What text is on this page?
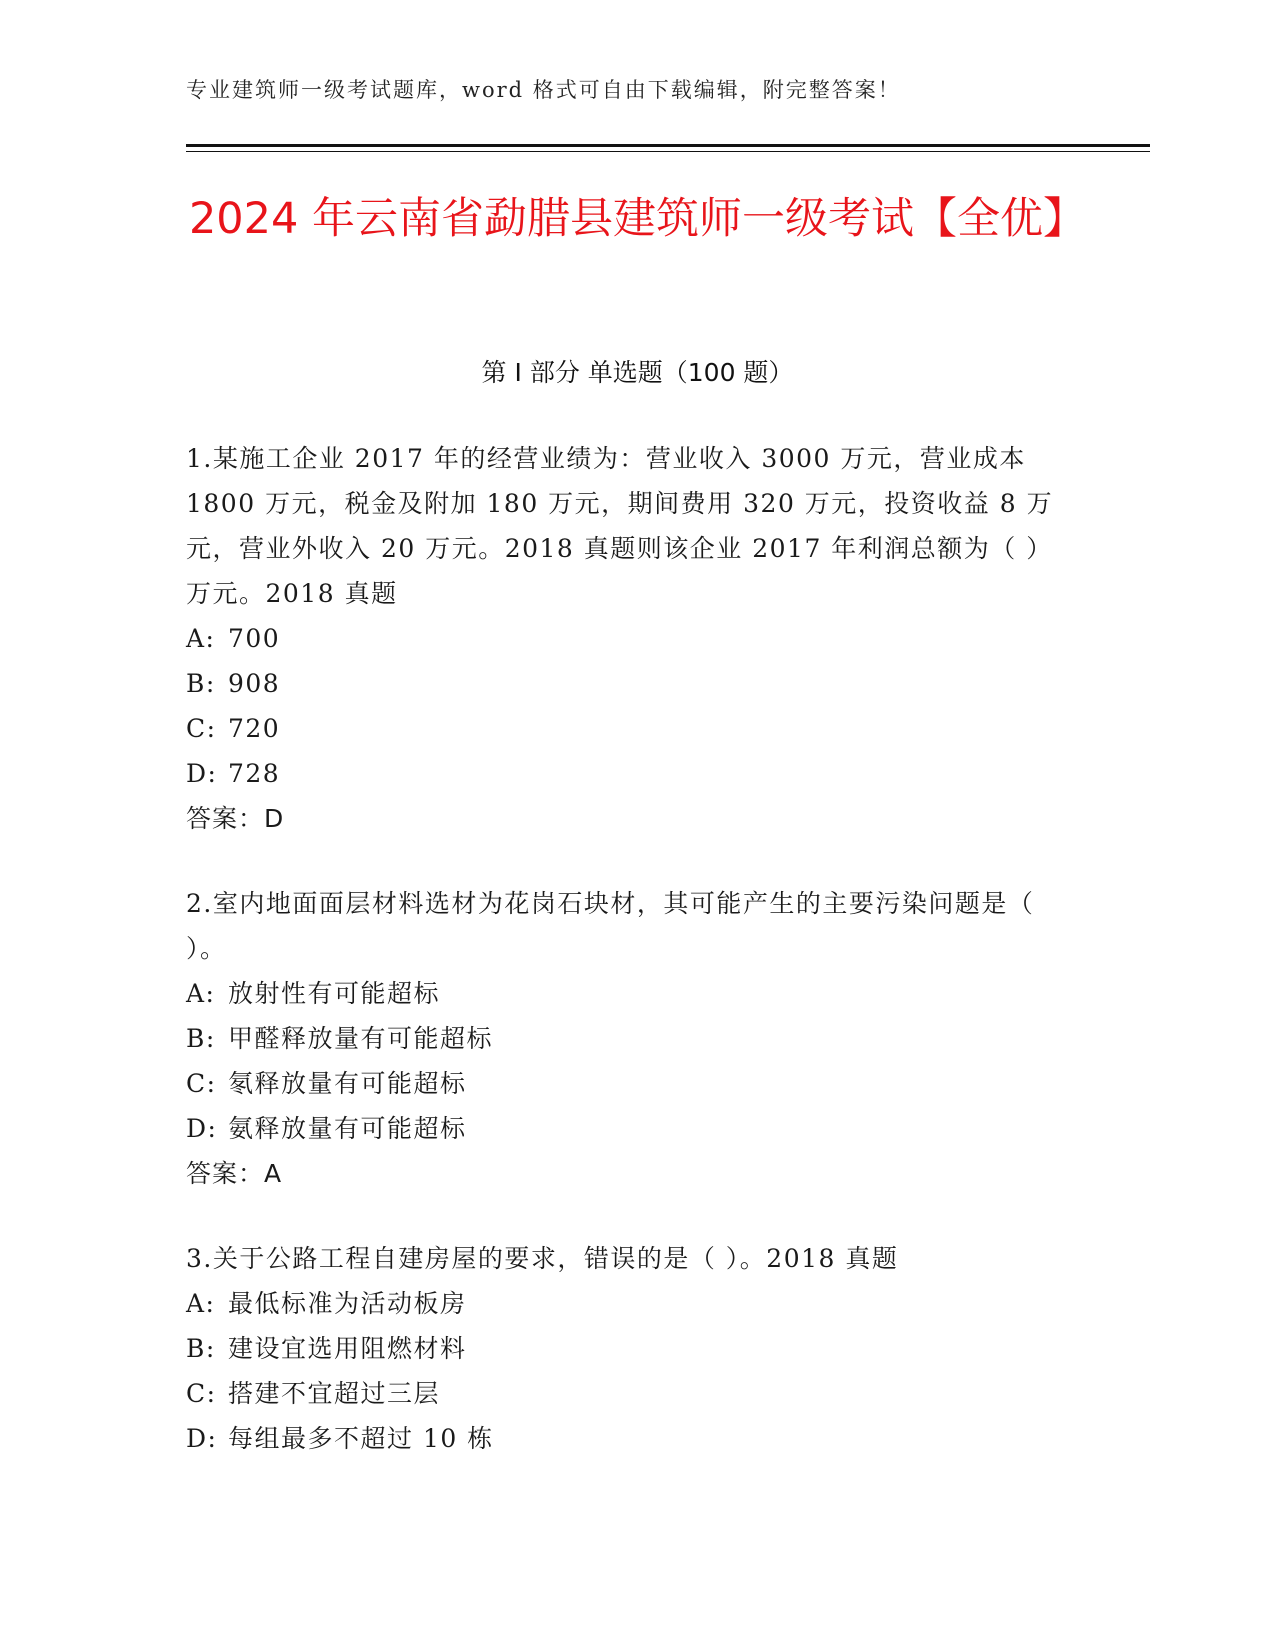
专业建筑师一级考试题库，word 格式可自由下载编辑，附完整答案！
2024 年云南省勐腊县建筑师一级考试【全优】
第 I 部分 单选题（100 题）

1.某施工企业 2017 年的经营业绩为：营业收入 3000 万元，营业成本 1800 万元，税金及附加 180 万元，期间费用 320 万元，投资收益 8 万元，营业外收入 20 万元。2018 真题则该企业 2017 年利润总额为（ ）万元。2018 真题

A: 700

B: 908

C: 720

D: 728

答案：D

2.室内地面面层材料选材为花岗石块材，其可能产生的主要污染问题是（ ）。

A: 放射性有可能超标

B: 甲醛释放量有可能超标

C: 氡释放量有可能超标

D: 氨释放量有可能超标

答案：A

3.关于公路工程自建房屋的要求，错误的是（ ）。2018 真题

A: 最低标准为活动板房

B: 建设宜选用阻燃材料

C: 搭建不宜超过三层

D: 每组最多不超过 10 栋
